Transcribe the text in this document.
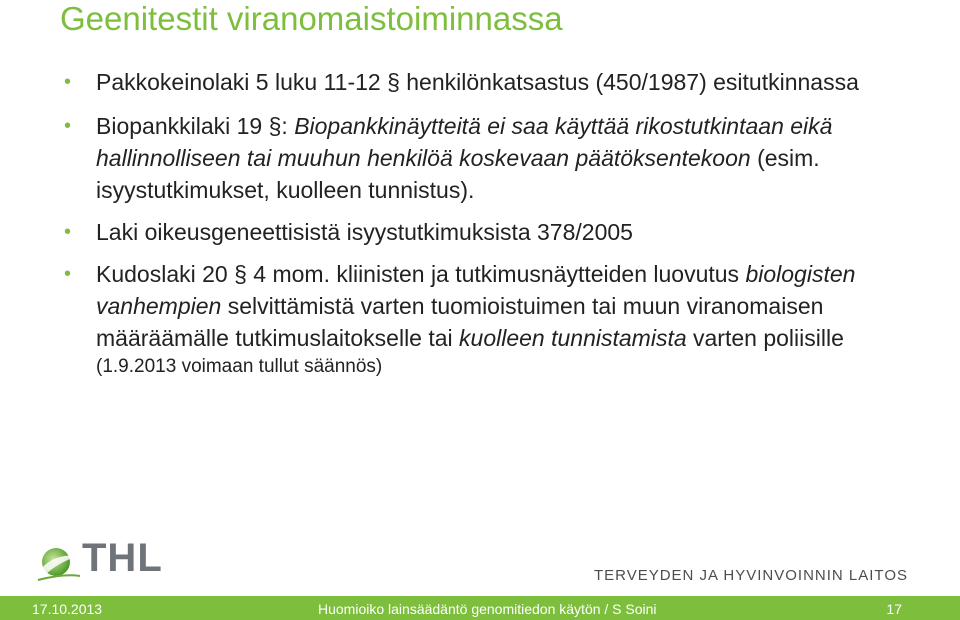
Geenitestit viranomaistoiminnassa
• Pakkokeinolaki 5 luku 11-12 § henkilönkatsastus (450/1987) esitutkinnassa
• Biopankkilaki 19 §: Biopankkinäytteitä ei saa käyttää rikostutkintaan eikä hallinnolliseen tai muuhun henkilöä koskevaan päätöksentekoon (esim. isyystutkimukset, kuolleen tunnistus).
• Laki oikeusgeneettisistä isyystutkimuksista 378/2005
• Kudoslaki 20 § 4 mom. kliinisten ja tutkimusnäytteiden luovutus biologisten vanhempien selvittämistä varten tuomioistuimen tai muun viranomaisen määräämälle tutkimuslaitokselle tai kuolleen tunnistamista varten poliisille
(1.9.2013 voimaan tullut säännös)
THL	TERVEYDEN JA HYVINVOINNIN LAITOS
17.10.2013	Huomioiko lainsäädäntö genomitiedon käytön / S Soini	17
